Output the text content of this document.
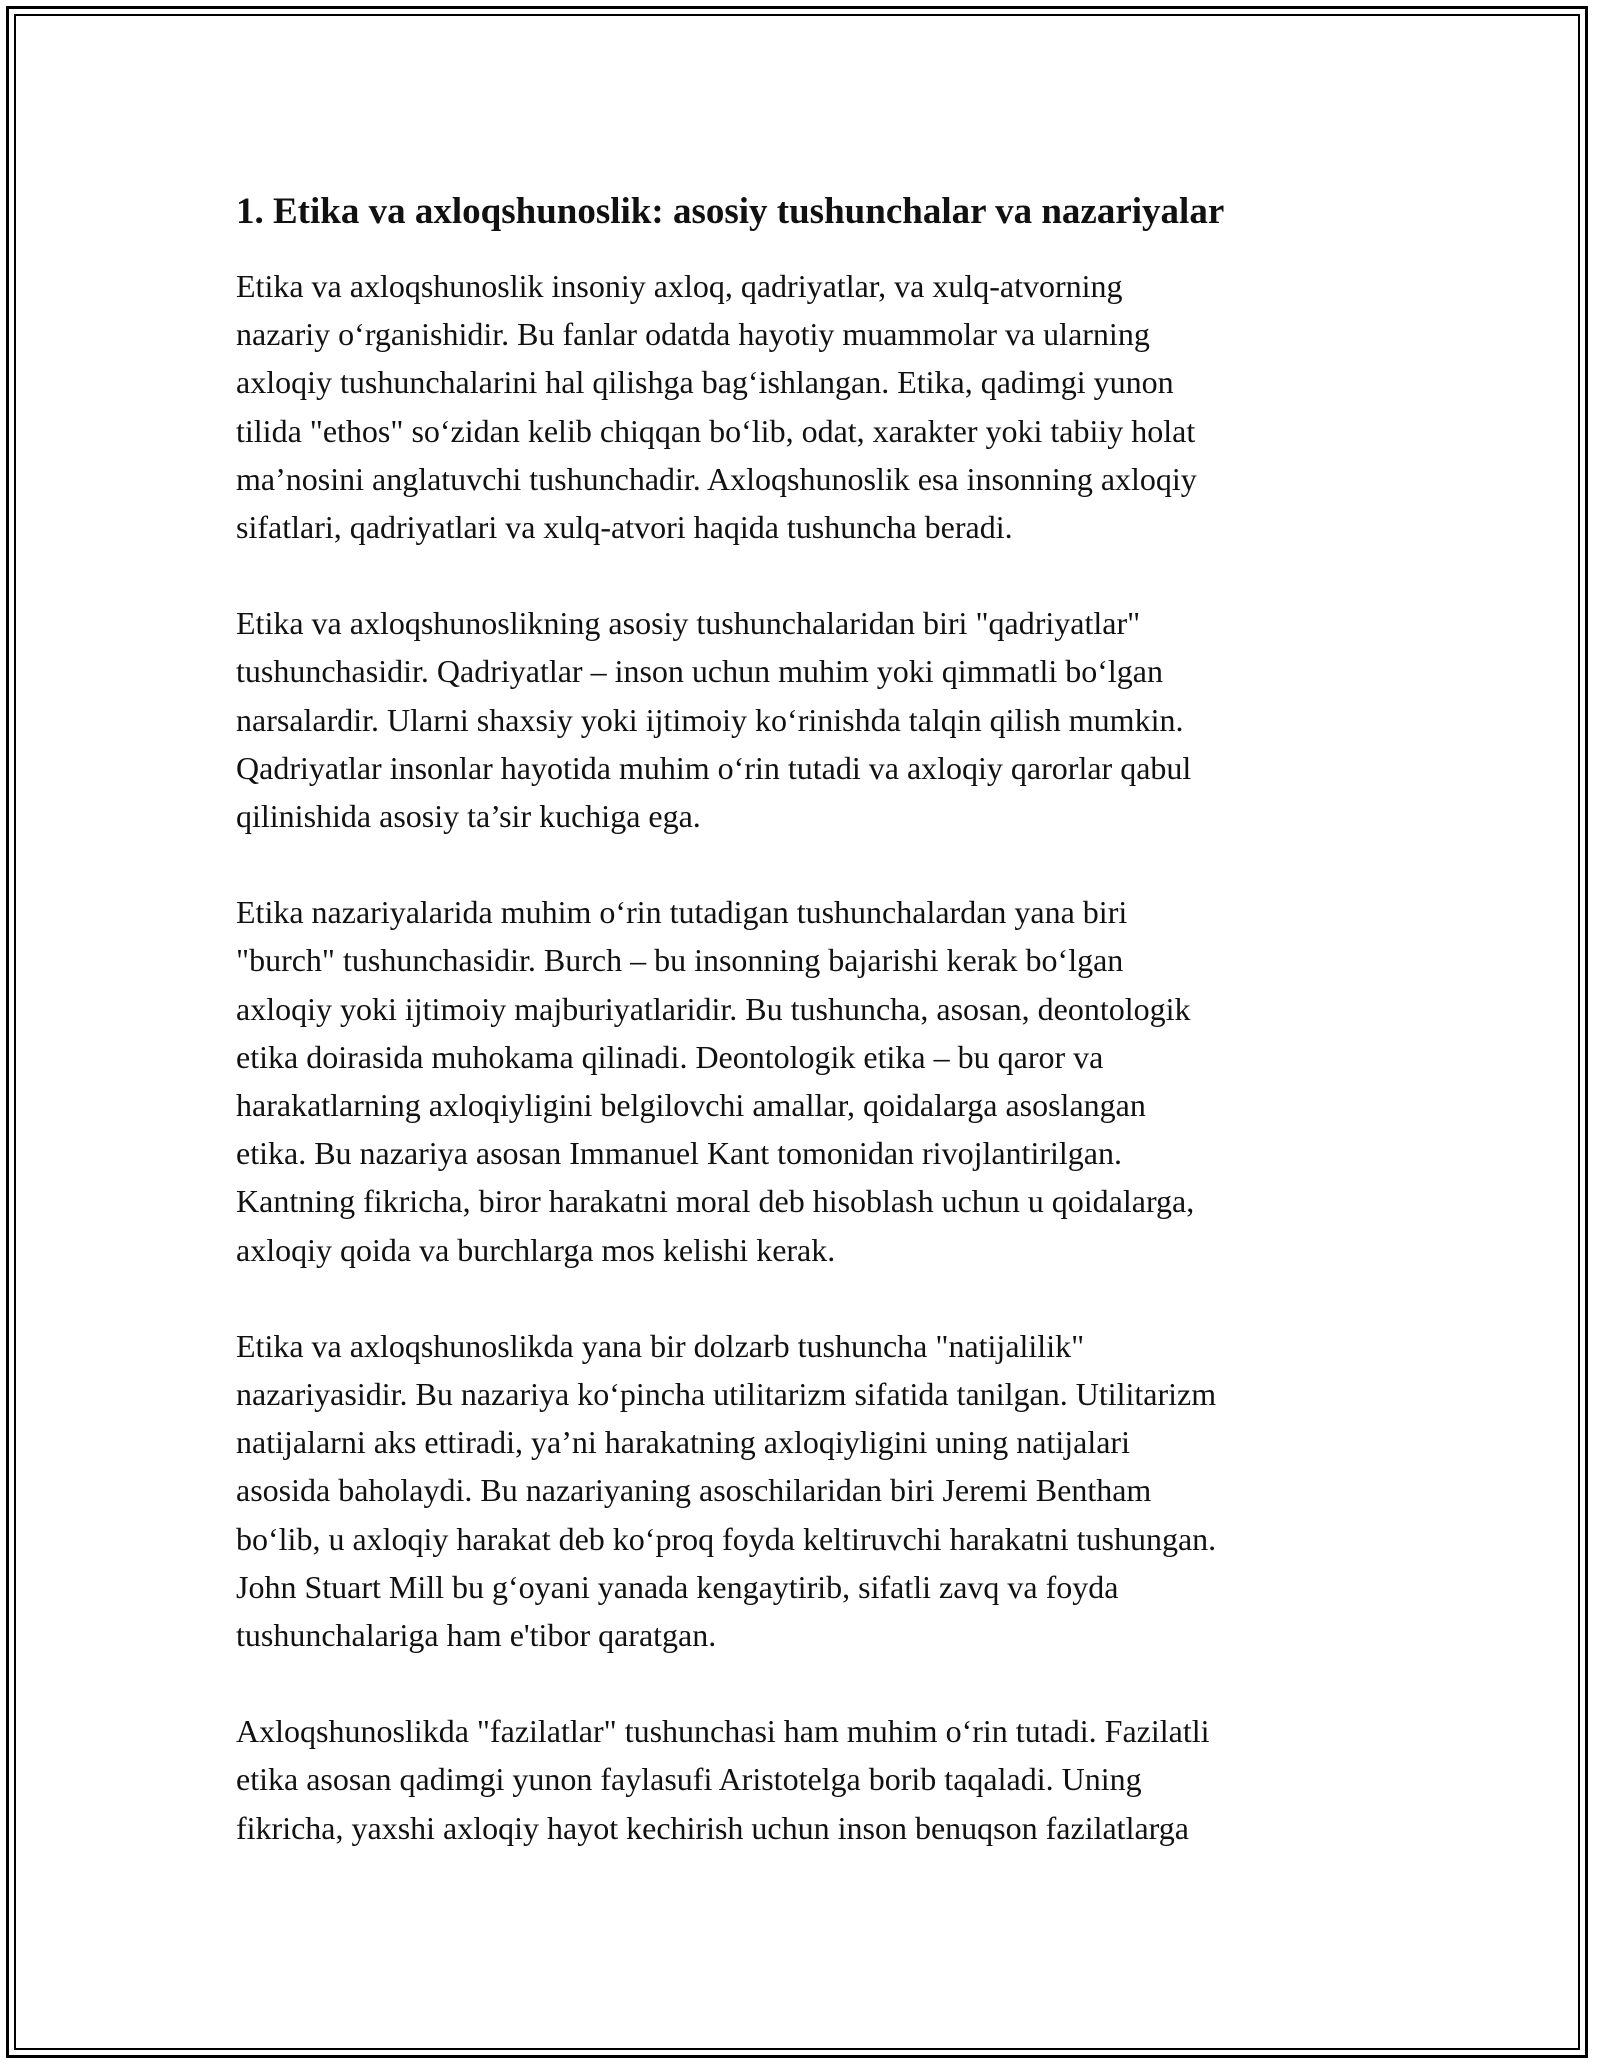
1. Etika va axloqshunoslik: asosiy tushunchalar va nazariyalar

Etika va axloqshunoslik insoniy axloq, qadriyatlar, va xulq-atvorning
nazariy o‘rganishidir. Bu fanlar odatda hayotiy muammolar va ularning
axloqiy tushunchalarini hal qilishga bag‘ishlangan. Etika, qadimgi yunon
tilida "ethos" so‘zidan kelib chiqqan bo‘lib, odat, xarakter yoki tabiiy holat
ma’nosini anglatuvchi tushunchadir. Axloqshunoslik esa insonning axloqiy
sifatlari, qadriyatlari va xulq-atvori haqida tushuncha beradi.

Etika va axloqshunoslikning asosiy tushunchalaridan biri "qadriyatlar"
tushunchasidir. Qadriyatlar – inson uchun muhim yoki qimmatli bo‘lgan
narsalardir. Ularni shaxsiy yoki ijtimoiy ko‘rinishda talqin qilish mumkin.
Qadriyatlar insonlar hayotida muhim o‘rin tutadi va axloqiy qarorlar qabul
qilinishida asosiy ta’sir kuchiga ega.

Etika nazariyalarida muhim o‘rin tutadigan tushunchalardan yana biri
"burch" tushunchasidir. Burch – bu insonning bajarishi kerak bo‘lgan
axloqiy yoki ijtimoiy majburiyatlaridir. Bu tushuncha, asosan, deontologik
etika doirasida muhokama qilinadi. Deontologik etika – bu qaror va
harakatlarning axloqiyligini belgilovchi amallar, qoidalarga asoslangan
etika. Bu nazariya asosan Immanuel Kant tomonidan rivojlantirilgan.
Kantning fikricha, biror harakatni moral deb hisoblash uchun u qoidalarga,
axloqiy qoida va burchlarga mos kelishi kerak.

Etika va axloqshunoslikda yana bir dolzarb tushuncha "natijalilik"
nazariyasidir. Bu nazariya ko‘pincha utilitarizm sifatida tanilgan. Utilitarizm
natijalarni aks ettiradi, ya’ni harakatning axloqiyligini uning natijalari
asosida baholaydi. Bu nazariyaning asoschilaridan biri Jeremi Bentham
bo‘lib, u axloqiy harakat deb ko‘proq foyda keltiruvchi harakatni tushungan.
John Stuart Mill bu g‘oyani yanada kengaytirib, sifatli zavq va foyda
tushunchalariga ham e'tibor qaratgan.

Axloqshunoslikda "fazilatlar" tushunchasi ham muhim o‘rin tutadi. Fazilatli
etika asosan qadimgi yunon faylasufi Aristotelga borib taqaladi. Uning
fikricha, yaxshi axloqiy hayot kechirish uchun inson benuqson fazilatlarga
